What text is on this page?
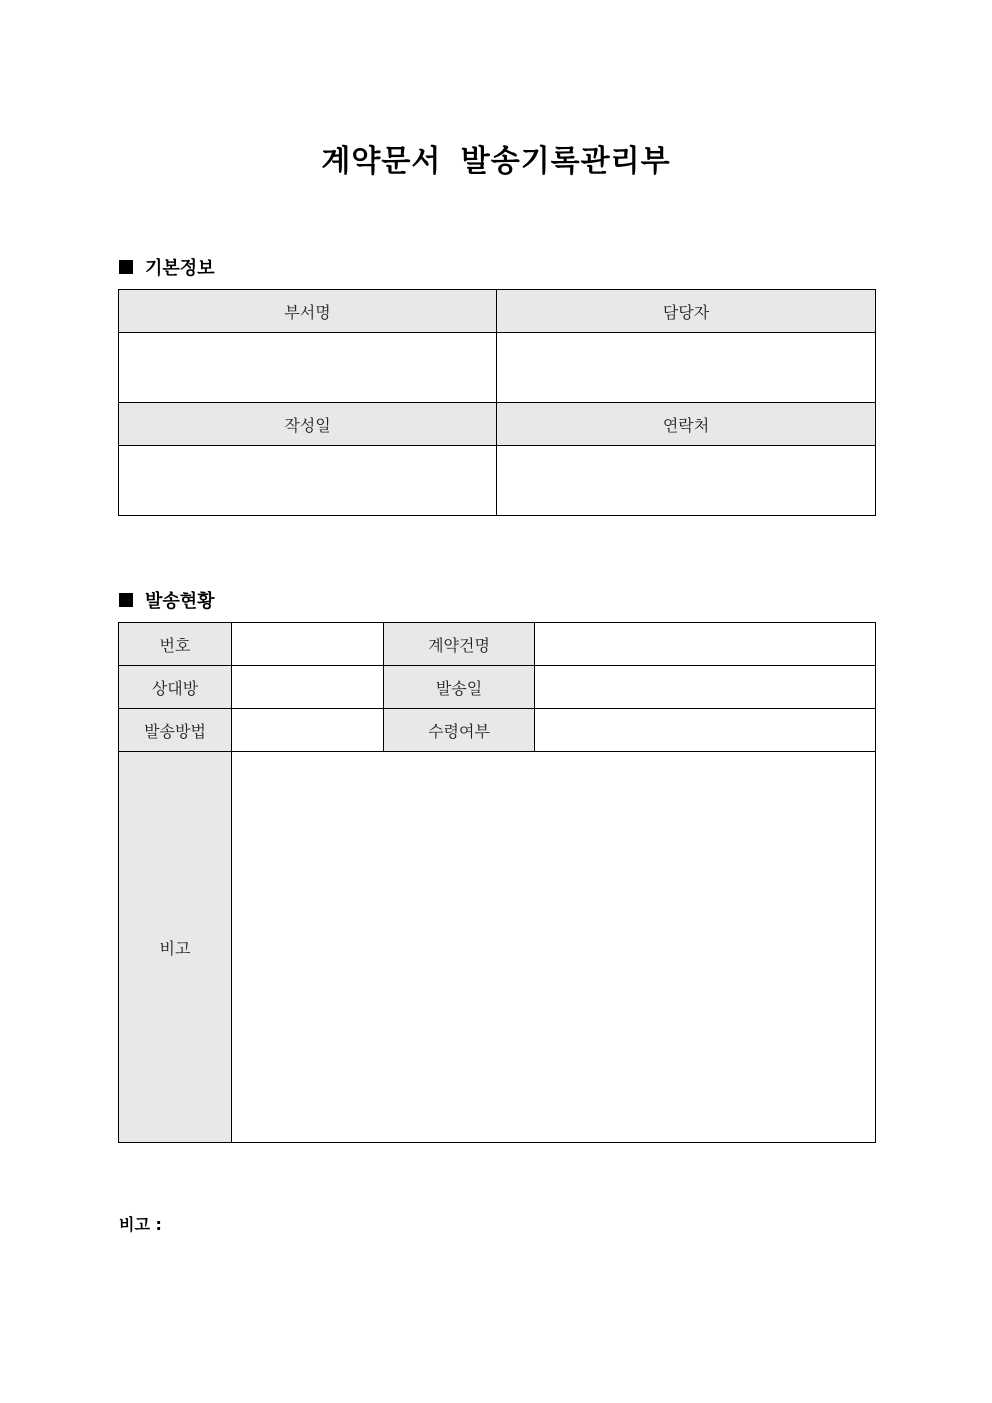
계약문서 발송기록관리부
기본정보
부서명	담당자

작성일	연락처

발송현황
번호		계약건명	
상대방		발송일	
발송방법		수령여부	
비고			
비고 :
